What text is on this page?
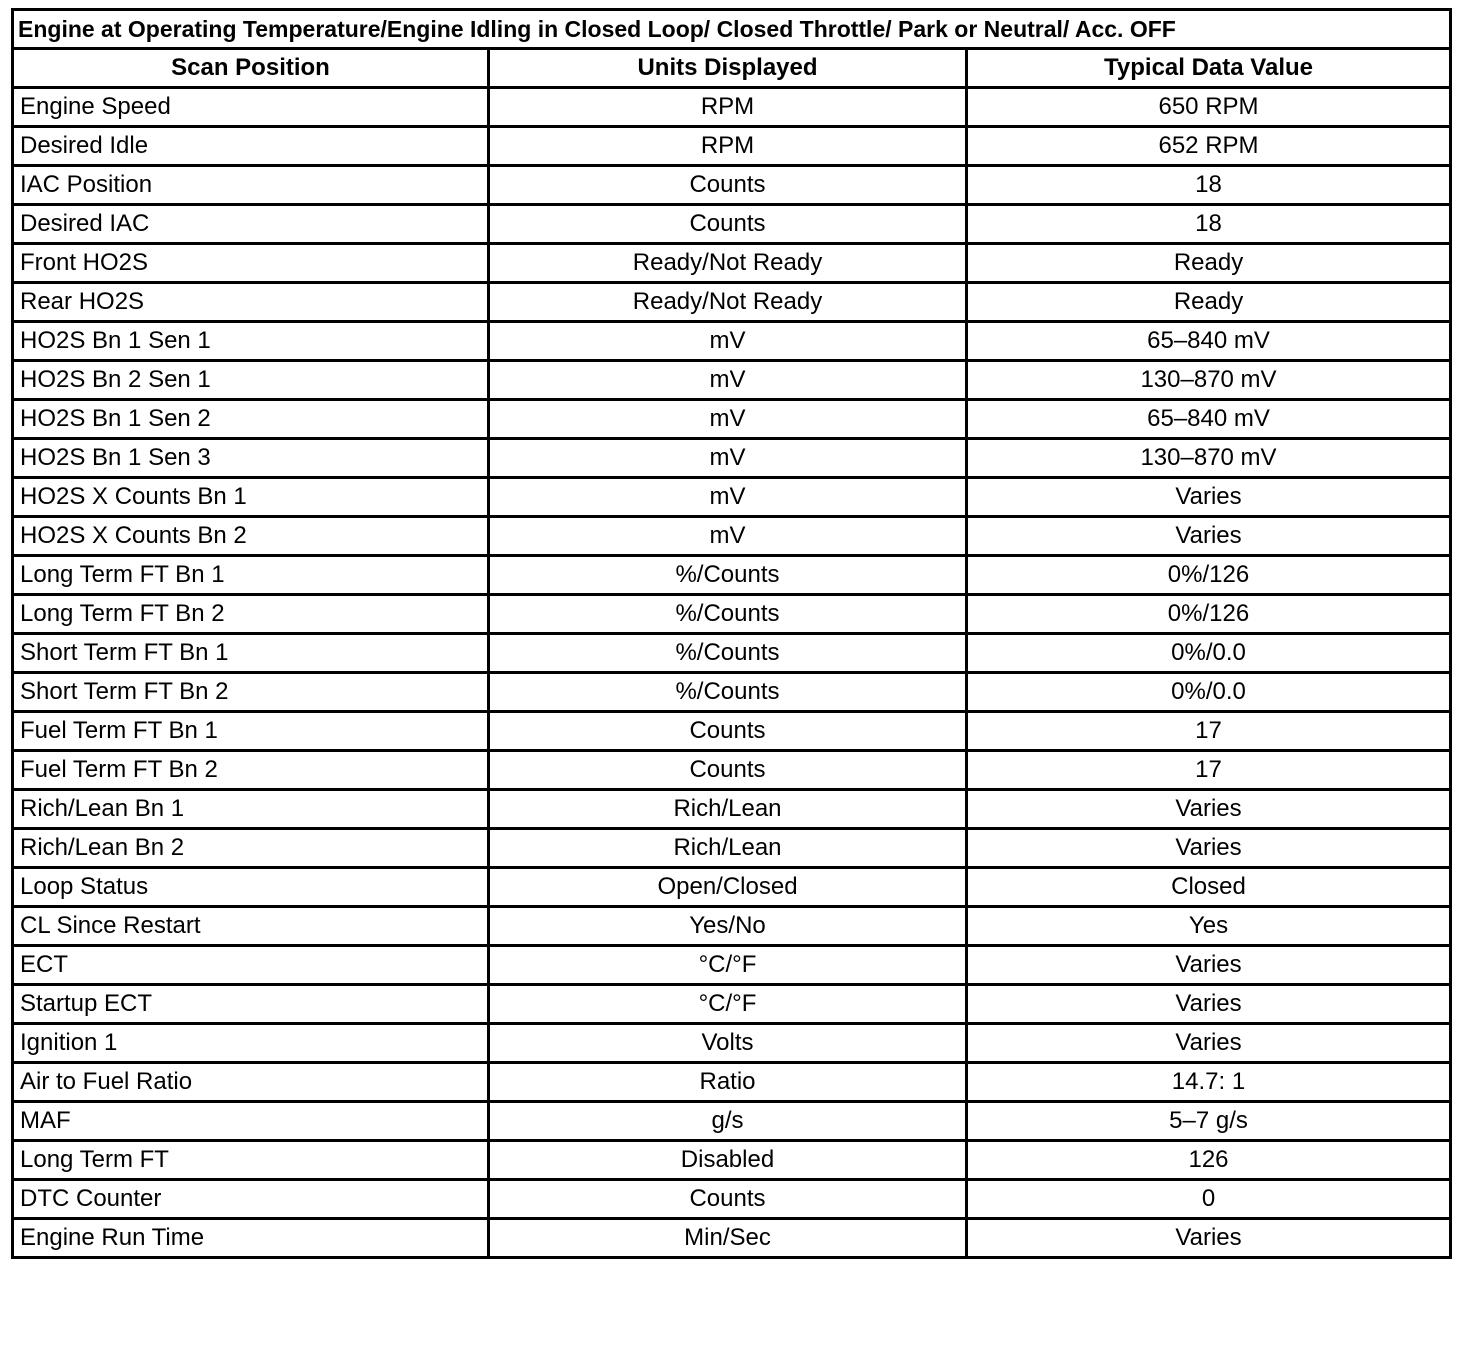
Engine at Operating Temperature/Engine Idling in Closed Loop/ Closed Throttle/ Park or Neutral/ Acc. OFF		
Scan Position	Units Displayed	Typical Data Value
Engine Speed	RPM	650 RPM
Desired Idle	RPM	652 RPM
IAC Position	Counts	18
Desired IAC	Counts	18
Front HO2S	Ready/Not Ready	Ready
Rear HO2S	Ready/Not Ready	Ready
HO2S Bn 1 Sen 1	mV	65–840 mV
HO2S Bn 2 Sen 1	mV	130–870 mV
HO2S Bn 1 Sen 2	mV	65–840 mV
HO2S Bn 1 Sen 3	mV	130–870 mV
HO2S X Counts Bn 1	mV	Varies
HO2S X Counts Bn 2	mV	Varies
Long Term FT Bn 1	%/Counts	0%/126
Long Term FT Bn 2	%/Counts	0%/126
Short Term FT Bn 1	%/Counts	0%/0.0
Short Term FT Bn 2	%/Counts	0%/0.0
Fuel Term FT Bn 1	Counts	17
Fuel Term FT Bn 2	Counts	17
Rich/Lean Bn 1	Rich/Lean	Varies
Rich/Lean Bn 2	Rich/Lean	Varies
Loop Status	Open/Closed	Closed
CL Since Restart	Yes/No	Yes
ECT	°C/°F	Varies
Startup ECT	°C/°F	Varies
Ignition 1	Volts	Varies
Air to Fuel Ratio	Ratio	14.7: 1
MAF	g/s	5–7 g/s
Long Term FT	Disabled	126
DTC Counter	Counts	0
Engine Run Time	Min/Sec	Varies
